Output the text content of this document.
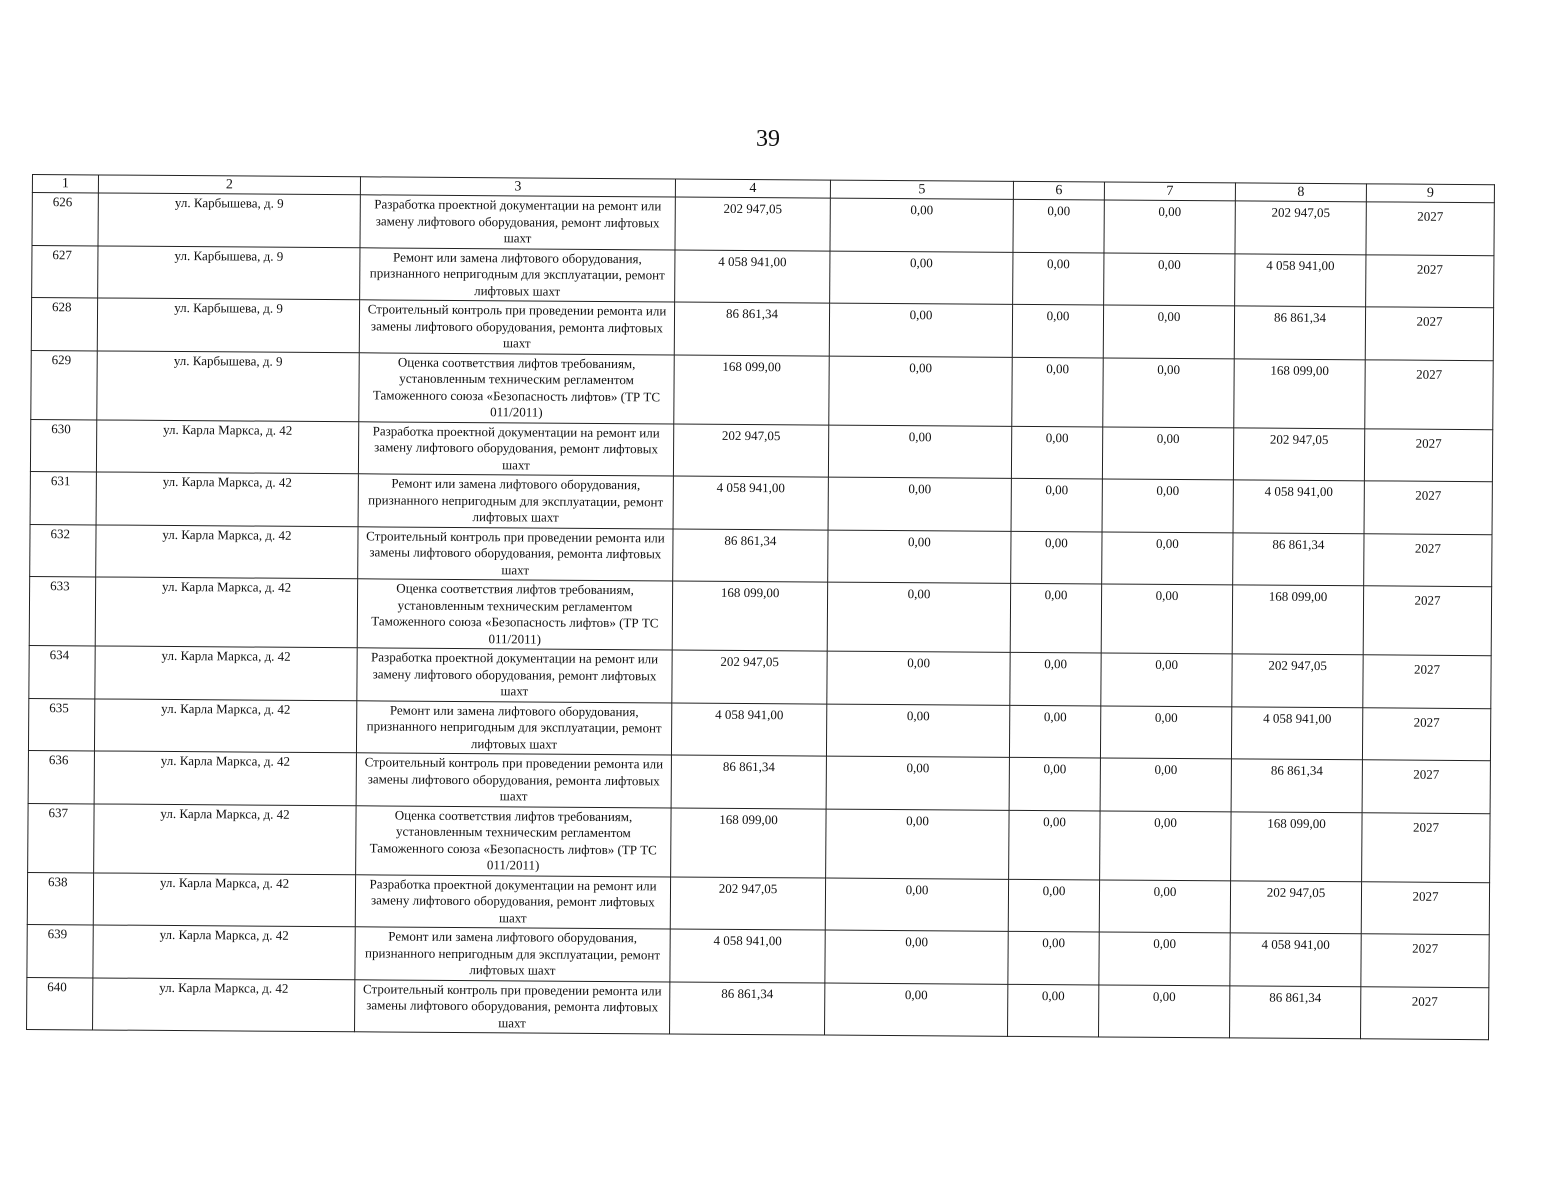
39
1	2	3	4	5	6	7	8	9
626	ул. Карбышева, д. 9	Разработка проектной документации на ремонт или замену лифтового оборудования, ремонт лифтовых шахт	202 947,05	0,00	0,00	0,00	202 947,05	2027
627	ул. Карбышева, д. 9	Ремонт или замена лифтового оборудования, признанного непригодным для эксплуатации, ремонт лифтовых шахт	4 058 941,00	0,00	0,00	0,00	4 058 941,00	2027
628	ул. Карбышева, д. 9	Строительный контроль при проведении ремонта или замены лифтового оборудования, ремонта лифтовых шахт	86 861,34	0,00	0,00	0,00	86 861,34	2027
629	ул. Карбышева, д. 9	Оценка соответствия лифтов требованиям, установленным техническим регламентом Таможенного союза «Безопасность лифтов» (ТР ТС 011/2011)	168 099,00	0,00	0,00	0,00	168 099,00	2027
630	ул. Карла Маркса, д. 42	Разработка проектной документации на ремонт или замену лифтового оборудования, ремонт лифтовых шахт	202 947,05	0,00	0,00	0,00	202 947,05	2027
631	ул. Карла Маркса, д. 42	Ремонт или замена лифтового оборудования, признанного непригодным для эксплуатации, ремонт лифтовых шахт	4 058 941,00	0,00	0,00	0,00	4 058 941,00	2027
632	ул. Карла Маркса, д. 42	Строительный контроль при проведении ремонта или замены лифтового оборудования, ремонта лифтовых шахт	86 861,34	0,00	0,00	0,00	86 861,34	2027
633	ул. Карла Маркса, д. 42	Оценка соответствия лифтов требованиям, установленным техническим регламентом Таможенного союза «Безопасность лифтов» (ТР ТС 011/2011)	168 099,00	0,00	0,00	0,00	168 099,00	2027
634	ул. Карла Маркса, д. 42	Разработка проектной документации на ремонт или замену лифтового оборудования, ремонт лифтовых шахт	202 947,05	0,00	0,00	0,00	202 947,05	2027
635	ул. Карла Маркса, д. 42	Ремонт или замена лифтового оборудования, признанного непригодным для эксплуатации, ремонт лифтовых шахт	4 058 941,00	0,00	0,00	0,00	4 058 941,00	2027
636	ул. Карла Маркса, д. 42	Строительный контроль при проведении ремонта или замены лифтового оборудования, ремонта лифтовых шахт	86 861,34	0,00	0,00	0,00	86 861,34	2027
637	ул. Карла Маркса, д. 42	Оценка соответствия лифтов требованиям, установленным техническим регламентом Таможенного союза «Безопасность лифтов» (ТР ТС 011/2011)	168 099,00	0,00	0,00	0,00	168 099,00	2027
638	ул. Карла Маркса, д. 42	Разработка проектной документации на ремонт или замену лифтового оборудования, ремонт лифтовых шахт	202 947,05	0,00	0,00	0,00	202 947,05	2027
639	ул. Карла Маркса, д. 42	Ремонт или замена лифтового оборудования, признанного непригодным для эксплуатации, ремонт лифтовых шахт	4 058 941,00	0,00	0,00	0,00	4 058 941,00	2027
640	ул. Карла Маркса, д. 42	Строительный контроль при проведении ремонта или замены лифтового оборудования, ремонта лифтовых шахт	86 861,34	0,00	0,00	0,00	86 861,34	2027
